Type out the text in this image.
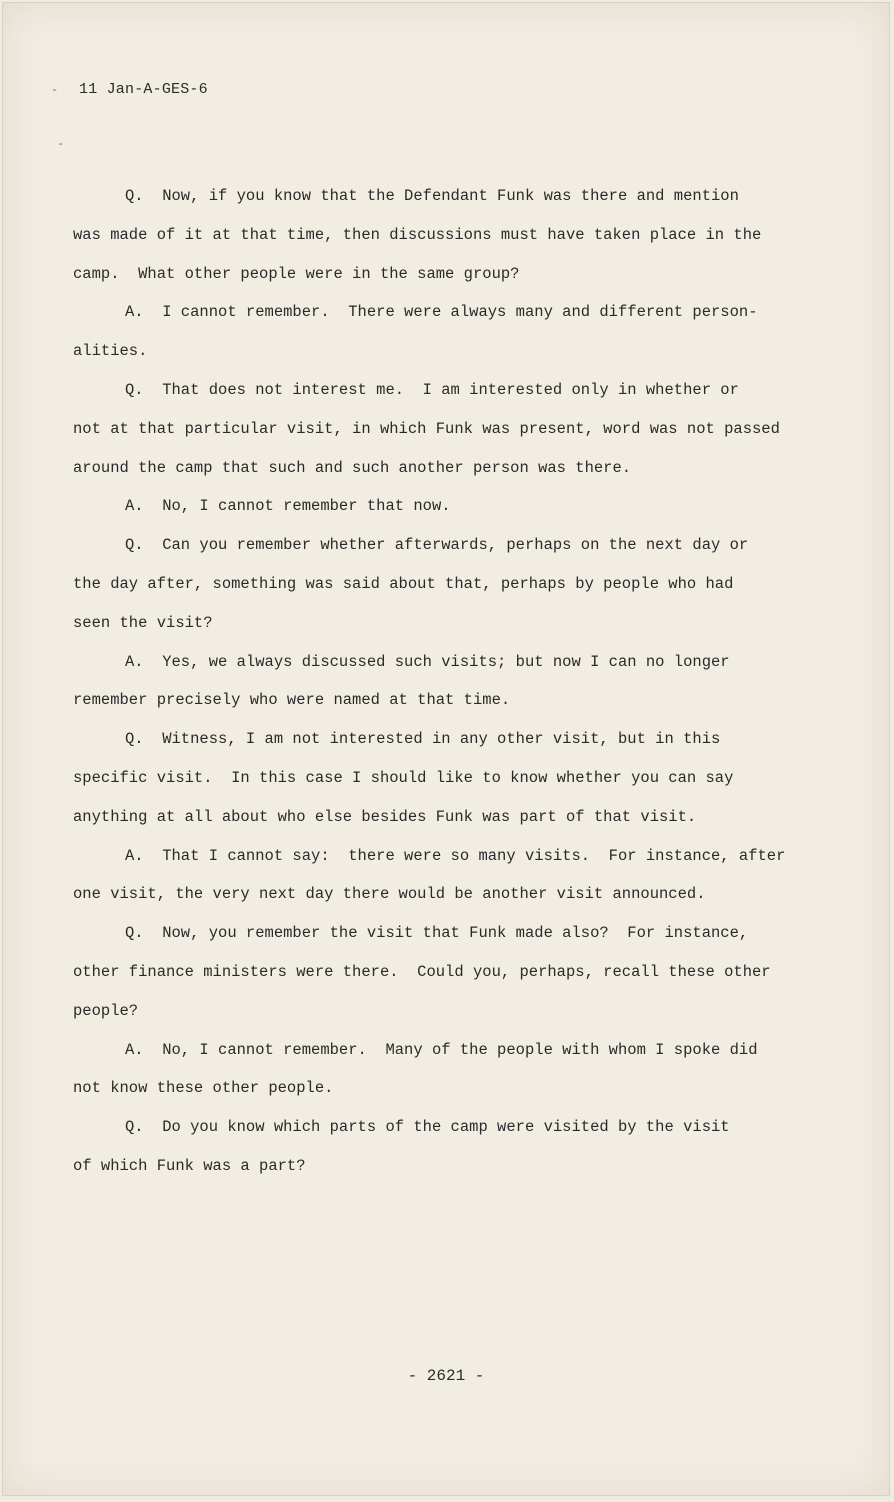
-
-
11 Jan-A-GES-6

Q.  Now, if you know that the Defendant Funk was there and mention
was made of it at that time, then discussions must have taken place in the
camp.  What other people were in the same group?

A.  I cannot remember.  There were always many and different person-
alities.

Q.  That does not interest me.  I am interested only in whether or
not at that particular visit, in which Funk was present, word was not passed
around the camp that such and such another person was there.

A.  No, I cannot remember that now.

Q.  Can you remember whether afterwards, perhaps on the next day or
the day after, something was said about that, perhaps by people who had
seen the visit?

A.  Yes, we always discussed such visits; but now I can no longer
remember precisely who were named at that time.

Q.  Witness, I am not interested in any other visit, but in this
specific visit.  In this case I should like to know whether you can say
anything at all about who else besides Funk was part of that visit.

A.  That I cannot say:  there were so many visits.  For instance, after
one visit, the very next day there would be another visit announced.

Q.  Now, you remember the visit that Funk made also?  For instance,
other finance ministers were there.  Could you, perhaps, recall these other
people?

A.  No, I cannot remember.  Many of the people with whom I spoke did
not know these other people.

Q.  Do you know which parts of the camp were visited by the visit
of which Funk was a part?

- 2621 -
